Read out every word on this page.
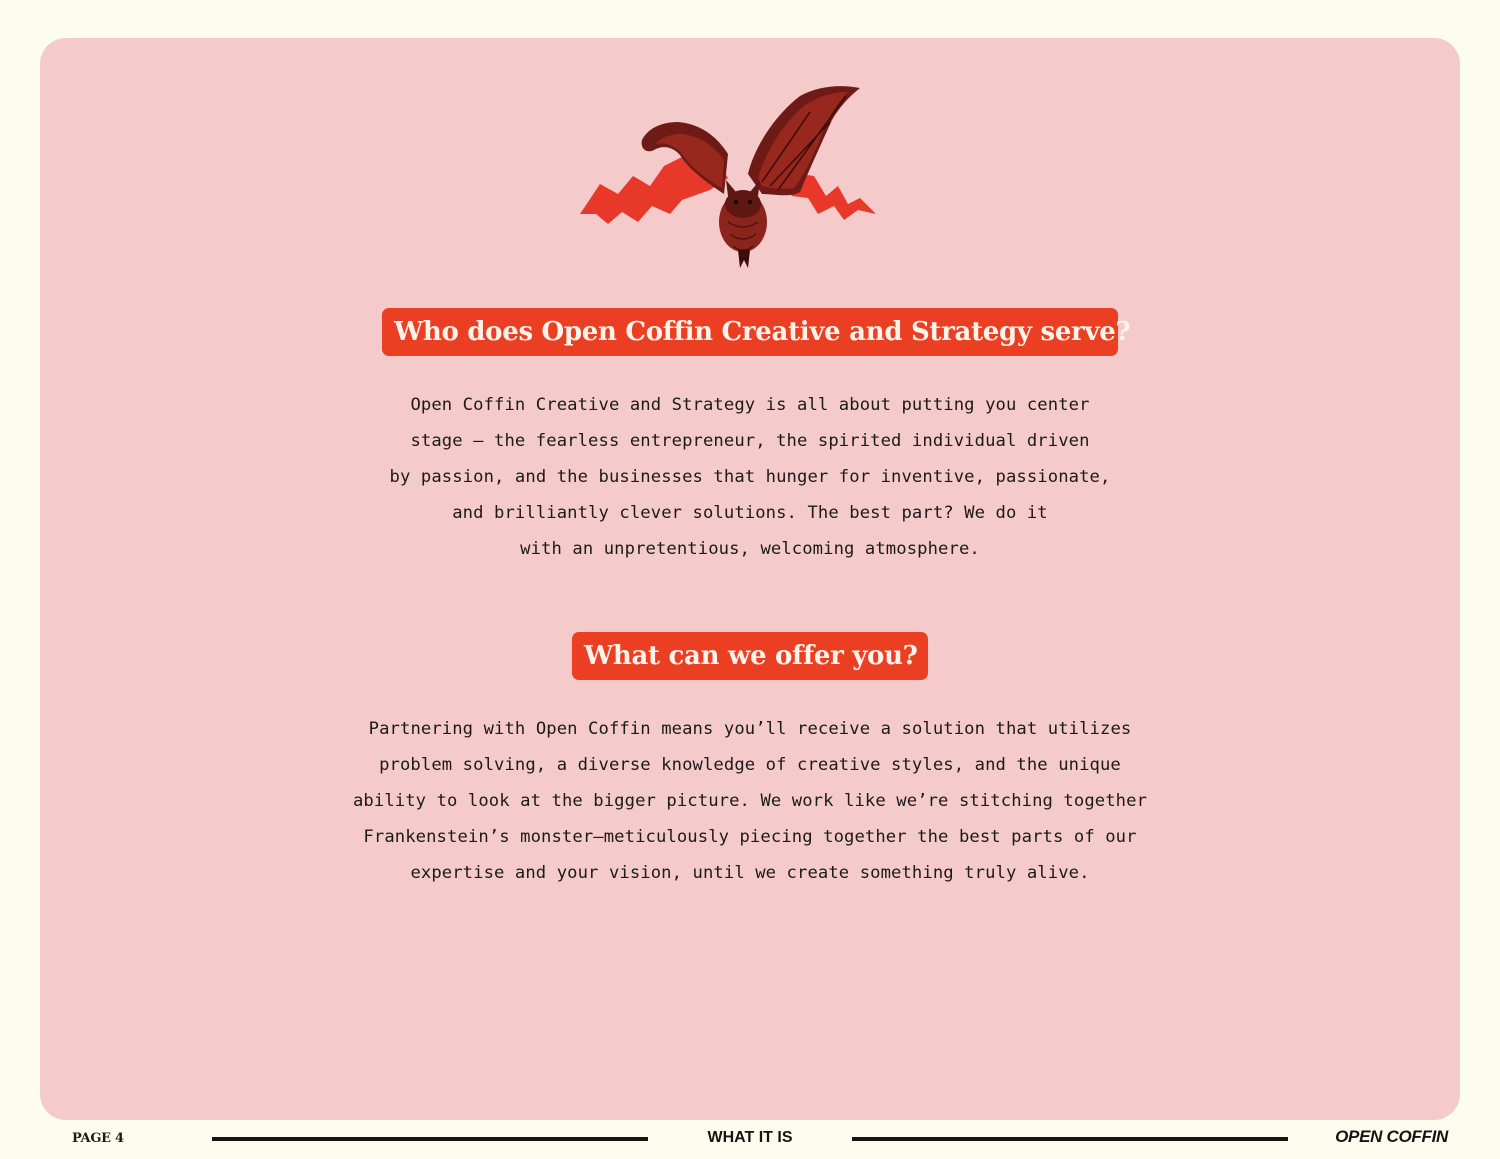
Who does Open Coffin Creative and Strategy serve?

Open Coffin Creative and Strategy is all about putting you center
stage – the fearless entrepreneur, the spirited individual driven
by passion, and the businesses that hunger for inventive, passionate,
and brilliantly clever solutions. The best part? We do it
with an unpretentious, welcoming atmosphere.

What can we offer you?

Partnering with Open Coffin means you’ll receive a solution that utilizes
problem solving, a diverse knowledge of creative styles, and the unique
ability to look at the bigger picture. We work like we’re stitching together
Frankenstein’s monster—meticulously piecing together the best parts of our
expertise and your vision, until we create something truly alive.

PAGE 4	WHAT IT IS	OPEN COFFIN
